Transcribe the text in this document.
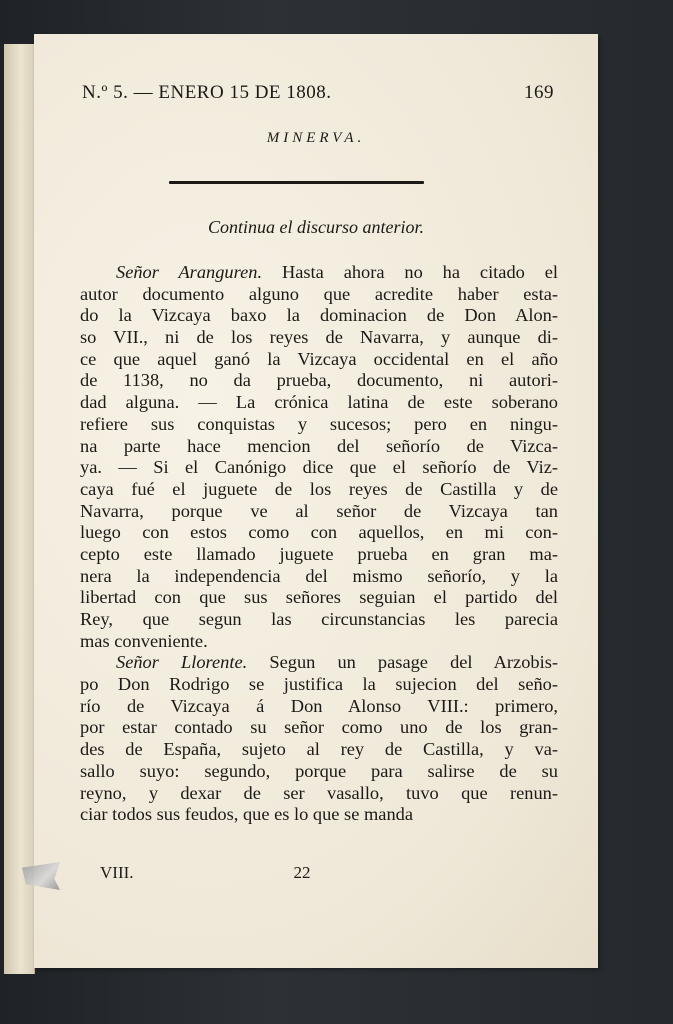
N.º 5. — ENERO 15 DE 1808.	169
MINERVA.
Continua el discurso anterior.
Señor Aranguren. Hasta ahora no ha citado el
autor documento alguno que acredite haber esta-
do la Vizcaya baxo la dominacion de Don Alon-
so VII., ni de los reyes de Navarra, y aunque di-
ce que aquel ganó la Vizcaya occidental en el año
de 1138, no da prueba, documento, ni autori-
dad alguna. — La crónica latina de este soberano
refiere sus conquistas y sucesos; pero en ningu-
na parte hace mencion del señorío de Vizca-
ya. — Si el Canónigo dice que el señorío de Viz-
caya fué el juguete de los reyes de Castilla y de
Navarra, porque ve al señor de Vizcaya tan
luego con estos como con aquellos, en mi con-
cepto este llamado juguete prueba en gran ma-
nera la independencia del mismo señorío, y la
libertad con que sus señores seguian el partido del
Rey, que segun las circunstancias les parecia
mas conveniente.
Señor Llorente. Segun un pasage del Arzobis-
po Don Rodrigo se justifica la sujecion del seño-
río de Vizcaya á Don Alonso VIII.: primero,
por estar contado su señor como uno de los gran-
des de España, sujeto al rey de Castilla, y va-
sallo suyo: segundo, porque para salirse de su
reyno, y dexar de ser vasallo, tuvo que renun-
ciar todos sus feudos, que es lo que se manda
VIII.	22
